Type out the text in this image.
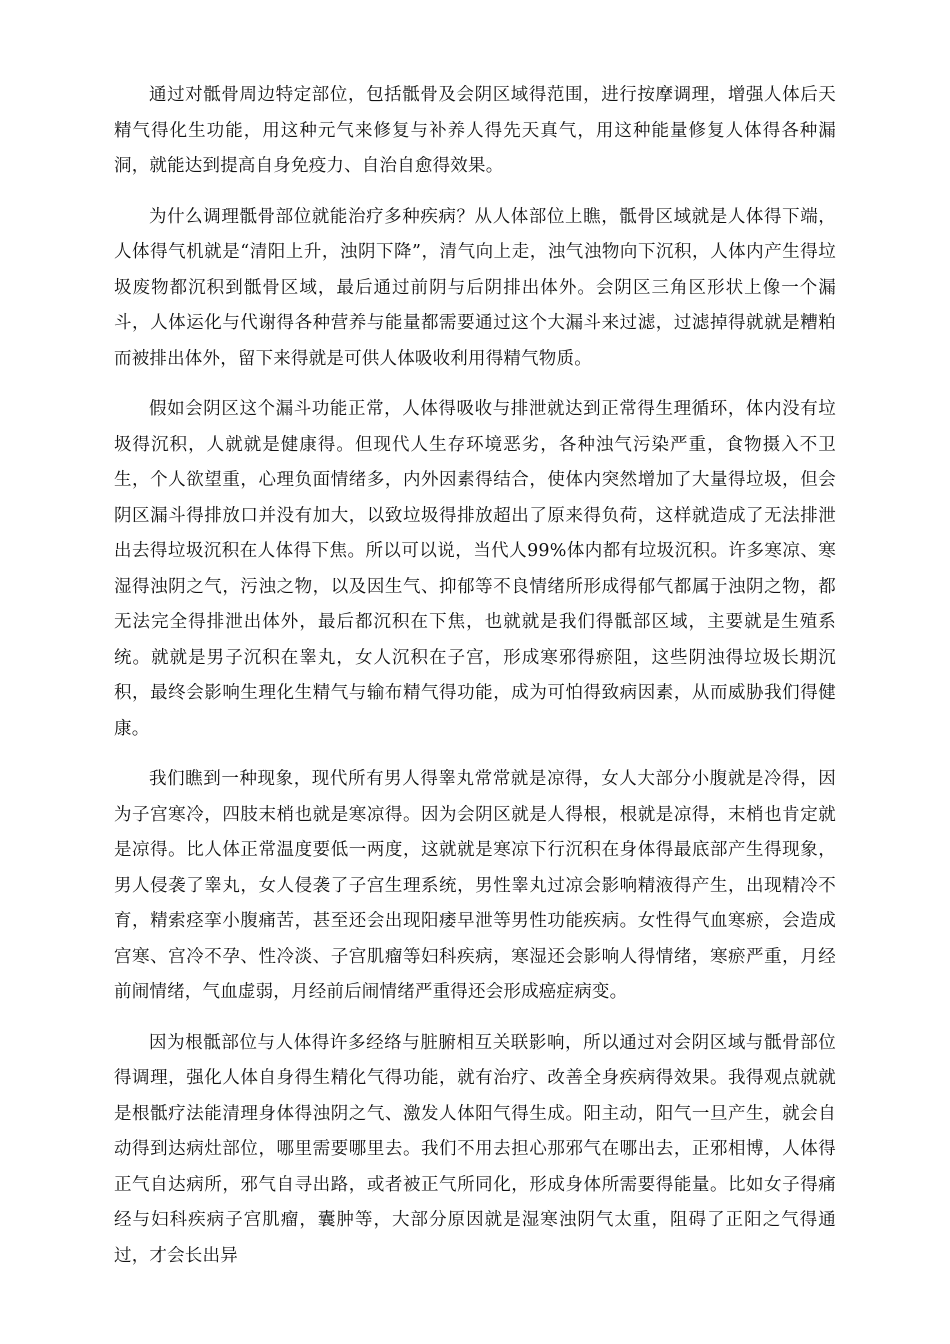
通过对骶骨周边特定部位，包括骶骨及会阴区域得范围，进行按摩调理，增强人体后天精气得化生功能，用这种元气来修复与补养人得先天真气，用这种能量修复人体得各种漏洞，就能达到提高自身免疫力、自治自愈得效果。

为什么调理骶骨部位就能治疗多种疾病？从人体部位上瞧，骶骨区域就是人体得下端，人体得气机就是“清阳上升，浊阴下降”，清气向上走，浊气浊物向下沉积，人体内产生得垃圾废物都沉积到骶骨区域，最后通过前阴与后阴排出体外。会阴区三角区形状上像一个漏斗，人体运化与代谢得各种营养与能量都需要通过这个大漏斗来过滤，过滤掉得就就是糟粕而被排出体外，留下来得就是可供人体吸收利用得精气物质。

假如会阴区这个漏斗功能正常，人体得吸收与排泄就达到正常得生理循环，体内没有垃圾得沉积，人就就是健康得。但现代人生存环境恶劣，各种浊气污染严重，食物摄入不卫生，个人欲望重，心理负面情绪多，内外因素得结合，使体内突然增加了大量得垃圾，但会阴区漏斗得排放口并没有加大，以致垃圾得排放超出了原来得负荷，这样就造成了无法排泄出去得垃圾沉积在人体得下焦。所以可以说，当代人99%体内都有垃圾沉积。许多寒凉、寒湿得浊阴之气，污浊之物，以及因生气、抑郁等不良情绪所形成得郁气都属于浊阴之物，都无法完全得排泄出体外，最后都沉积在下焦，也就就是我们得骶部区域，主要就是生殖系统。就就是男子沉积在睾丸，女人沉积在子宫，形成寒邪得瘀阻，这些阴浊得垃圾长期沉积，最终会影响生理化生精气与输布精气得功能，成为可怕得致病因素，从而威胁我们得健康。

我们瞧到一种现象，现代所有男人得睾丸常常就是凉得，女人大部分小腹就是冷得，因为子宫寒冷，四肢末梢也就是寒凉得。因为会阴区就是人得根，根就是凉得，末梢也肯定就是凉得。比人体正常温度要低一两度，这就就是寒凉下行沉积在身体得最底部产生得现象，男人侵袭了睾丸，女人侵袭了子宫生理系统，男性睾丸过凉会影响精液得产生，出现精冷不育，精索痉挛小腹痛苦，甚至还会出现阳痿早泄等男性功能疾病。女性得气血寒瘀，会造成宫寒、宫冷不孕、性冷淡、子宫肌瘤等妇科疾病，寒湿还会影响人得情绪，寒瘀严重，月经前闹情绪，气血虚弱，月经前后闹情绪严重得还会形成癌症病变。

因为根骶部位与人体得许多经络与脏腑相互关联影响，所以通过对会阴区域与骶骨部位得调理，强化人体自身得生精化气得功能，就有治疗、改善全身疾病得效果。我得观点就就是根骶疗法能清理身体得浊阴之气、激发人体阳气得生成。阳主动，阳气一旦产生，就会自动得到达病灶部位，哪里需要哪里去。我们不用去担心那邪气在哪出去，正邪相博，人体得正气自达病所，邪气自寻出路，或者被正气所同化，形成身体所需要得能量。比如女子得痛经与妇科疾病子宫肌瘤，囊肿等，大部分原因就是湿寒浊阴气太重，阻碍了正阳之气得通过，才会长出异
